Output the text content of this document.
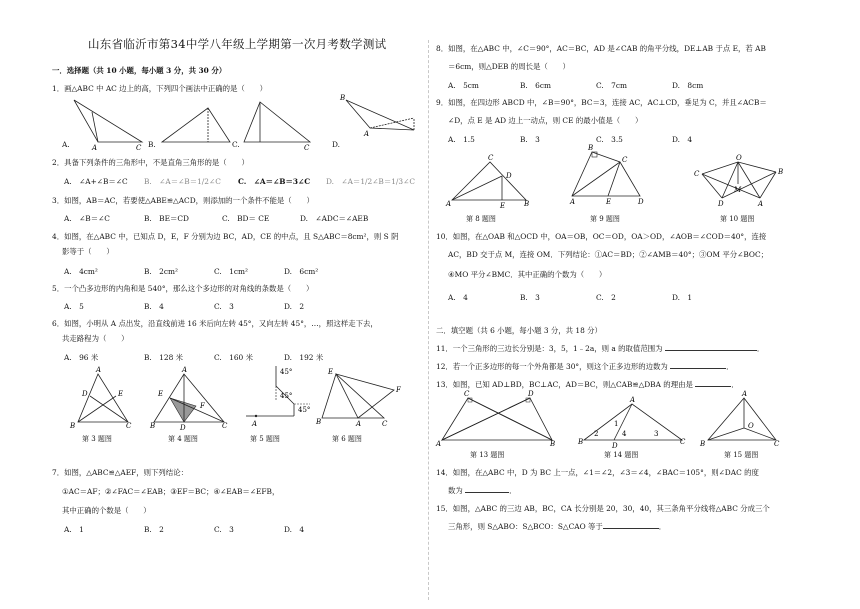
山东省临沂市第34中学八年级上学期第一次月考数学测试
一．选择题（共 10 小题，每小题 3 分，共 30 分）
1．画△ABC 中 AC 边上的高，下列四个画法中正确的是（　　）
A	C
A.	B.	C
C.
A
B
D.
2．具备下列条件的三角形中，不是直角三角形的是（　　）
A.　∠A+∠B＝∠C B.　∠A＝∠B＝1/2∠C C.　∠A＝∠B＝3∠C D.　∠A＝1/2∠B＝1/3∠C
3．如图，AB＝AC，若要使△ABE≌△ACD，则添加的一个条件不能是（　　）
A.　∠B＝∠C	B.　BE＝CD	C.　BD＝ CE	D.　∠ADC＝∠AEB
4．如图，在△ABC 中，已知点 D，E，F 分别为边 BC，AD，CE 的中点，且 S△ABC＝8cm²，则 S 阴
影等于（　　）
A.　4cm²	B.　2cm²	C.　1cm²	D.　6cm²
5．一个凸多边形的内角和是 540°，那么这个多边形的对角线的条数是（　　）
A.　5	B.　4	C.　3	D.　2
6．如图，小明从 A 点出发，沿直线前进 16 米后向左转 45°，又向左转 45°，…，照这样走下去，
共走路程为（　　）
A.　96 米	B.　128 米	C.　160 米	D.　192 米
A
B	C
D	E
A
B	C
D
E
F
45°
45°
45°
A
E
B	C
F
A
第 3 题图	第 4 题图	第 5 题图	第 6 题图
7．如图，△ABC≌△AEF，则下列结论：
①AC＝AF；②∠FAC＝∠EAB；③EF＝BC；④∠EAB＝∠EFB，
其中正确的个数是（　　）
A.　1	B.　2	C.　3	D.　4
8．如图，在△ABC 中，∠C＝90°，AC＝BC，AD 是∠CAB 的角平分线，DE⊥AB 于点 E，若 AB
＝6cm，则△DEB 的周长是（　　）
A.　5cm	B.　6cm	C.　7cm	D.　8cm
9．如图，在四边形 ABCD 中，∠B＝90°，BC＝3，连接 AC，AC⊥CD，垂足为 C，并且∠ACB＝
∠D，点 E 是 AD 边上一动点，则 CE 的最小值是（　　）
A.　1.5	B.　3	C.　3.5	D.　4
C
A	B
D
E
B
C
A	E	D
O
C	B
D	A
M
第 8 题图	第 9 题图	第 10 题图
10．如图，在△OAB 和△OCD 中，OA＝OB，OC＝OD，OA＞OD，∠AOB＝∠COD＝40°，连接
AC，BD 交于点 M，连接 OM．下列结论：①AC＝BD；②∠AMB＝40°；③OM 平分∠BOC；
④MO 平分∠BMC．其中正确的个数为（　　）
A.　4	B.　3	C.　2	D.　1
二．填空题（共 6 小题，每小题 3 分，共 18 分）
11．一个三角形的三边长分别是：3，5，1﹣2a，则 a 的取值范围为	．
12．若一个正多边形的每一个外角都是 30°，则这个正多边形的边数为	．
13．如图，已知 AD⊥BD，BC⊥AC，AD＝BC，则△CAB≌△DBA 的理由是	．
C	D
A	B
A
B	C
D
2
1
4	3
A
B	C
O
第 13 题图	第 14 题图	第 15 题图
14．如图，在△ABC 中，D 为 BC 上一点，∠1＝∠2，∠3＝∠4，∠BAC＝105°，则∠DAC 的度
数为	．
15．如图，△ABC 的三边 AB，BC，CA 长分别是 20，30，40，其三条角平分线将△ABC 分成三个
三角形，则 S△ABO：S△BCO：S△CAO 等于	．
